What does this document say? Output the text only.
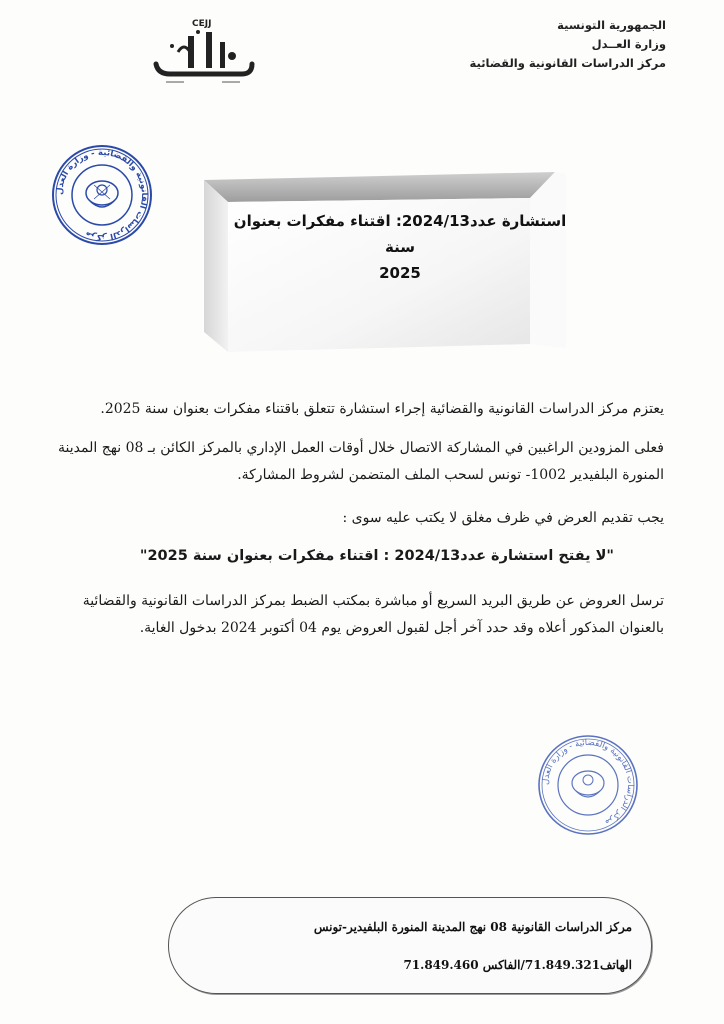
الجمهورية التونسية
وزارة العــدل
مركز الدراسات القانونية والقضائية
CEJJ
مركز الدراسات القانونية والقضائية - وزارة العدل
استشارة عدد2024/13: اقتناء مفكرات بعنوان سنة
2025
يعتزم مركز الدراسات القانونية والقضائية إجراء استشارة تتعلق باقتناء مفكرات بعنوان سنة 2025.
فعلى المزودين الراغبين في المشاركة الاتصال خلال أوقات العمل الإداري بالمركز الكائن بـ 08 نهج المدينة المنورة البلفيدير 1002- تونس لسحب الملف المتضمن لشروط المشاركة.
يجب تقديم العرض في ظرف مغلق لا يكتب عليه سوى :
"لا يفتح استشارة عدد2024/13 : اقتناء مفكرات بعنوان سنة 2025"
ترسل العروض عن طريق البريد السريع أو مباشرة بمكتب الضبط بمركز الدراسات القانونية والقضائية بالعنوان المذكور أعلاه وقد حدد آخر أجل لقبول العروض يوم 04 أكتوبر 2024 بدخول الغاية.
مركز الدراسات القانونية والقضائية - وزارة العدل
مركز الدراسات القانونية 08 نهج المدينة المنورة البلفيدير-تونس
الهاتف71.849.321/الفاكس 71.849.460
